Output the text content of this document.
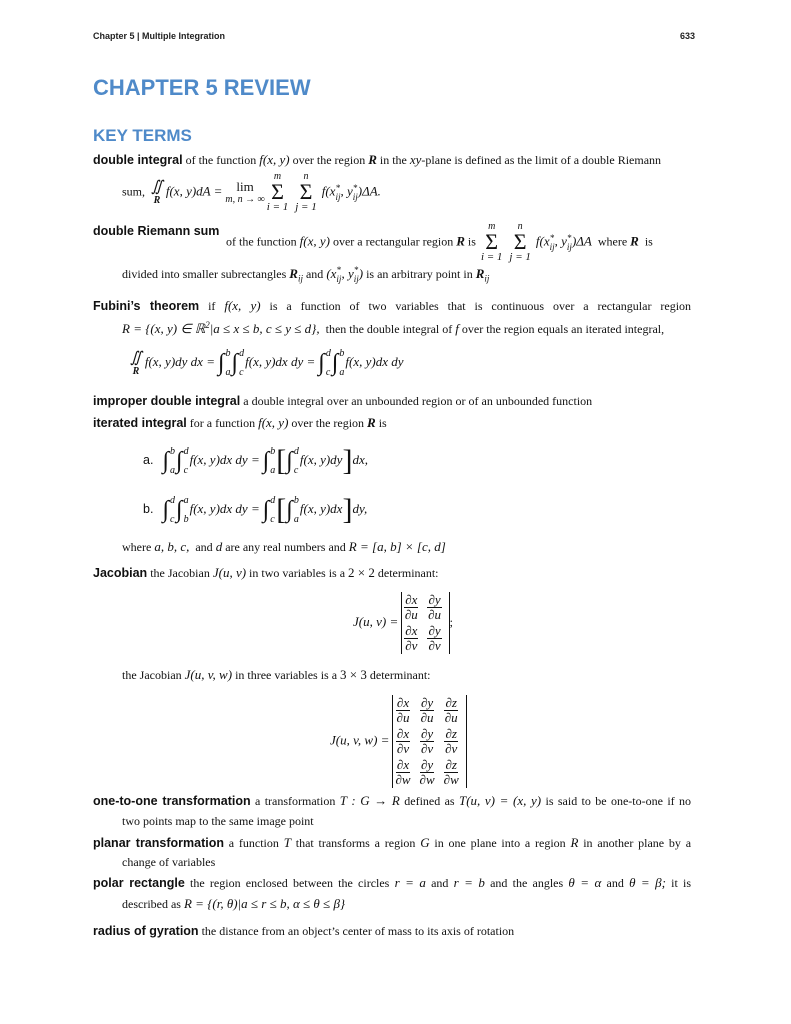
Chapter 5 | Multiple Integration	633
CHAPTER 5 REVIEW
KEY TERMS
double integral of the function f(x, y) over the region R in the xy-plane is defined as the limit of a double Riemann
sum, ∬
R
f(x, y)dA = lim
m, n → ∞
m
Σ
i = 1

n
Σ
j = 1
f(x *
ij , y *
ij )ΔA.
double Riemann sum
of the function f(x, y) over a rectangular region R is
m
Σ
i = 1

n
Σ
j = 1
f(x *
ij , y *
ij )ΔA where R is
divided into smaller subrectangles $R_{ij}$ and (x *
ij , y *
ij ) is an arbitrary point in $R_{ij}$
Fubini’s theorem if f(x, y) is a function of two variables that is continuous over a rectangular region
R = {(x, y) ∈ ℝ$^2$|a ≤ x ≤ b, c ≤ y ≤ d}, then the double integral of f over the region equals an iterated integral,
∬
R
f(x, y)dy dx = ∫ b
a ∫ d
c
f(x, y)dx dy = ∫ d
c ∫ b
a
f(x, y)dx dy
improper double integral a double integral over an unbounded region or of an unbounded function
iterated integral for a function f(x, y) over the region R is
a. ∫ b
a ∫ d
c
f(x, y)dx dy = ∫ b
a [ ∫ d
c
f(x, y)dy]dx,
b. ∫ d
c ∫ a
b
f(x, y)dx dy = ∫ d
c [ ∫ b
a
f(x, y)dx]dy,
where a, b, c, and d are any real numbers and R = [a, b] × [c, d]
Jacobian the Jacobian J(u, v) in two variables is a 2 × 2 determinant:
J(u, $v) = \frac{\partial x}{\partial u}$	$\frac{\partial y}{\partial u}$

$\frac{\partial x}{\partial v}$	$\frac{\partial y}{\partial v}$
;
the Jacobian J(u, v, w) in three variables is a 3 × 3 determinant:
J(u, v, w) =
$\frac{\partial x}{\partial u}$	$\frac{\partial y}{\partial u}$	$\frac{\partial z}{\partial u}$

$\frac{\partial x}{\partial v}$	$\frac{\partial y}{\partial v}$	$\frac{\partial z}{\partial v}$

$\frac{\partial x}{\partial w}$	$\frac{\partial y}{\partial w}$	$\frac{\partial z}{\partial w}$
one-to-one transformation a transformation T : G → R defined as T(u, v) = (x, y) is said to be one-to-one if no
two points map to the same image point
planar transformation a function T that transforms a region G in one plane into a region R in another plane by a
change of variables
polar rectangle the region enclosed between the circles r = a and r = b and the angles θ = α and θ = β; it is
described as R = {(r, θ)|a ≤ r ≤ b, α ≤ θ ≤ β}
radius of gyration the distance from an object’s center of mass to its axis of rotation
